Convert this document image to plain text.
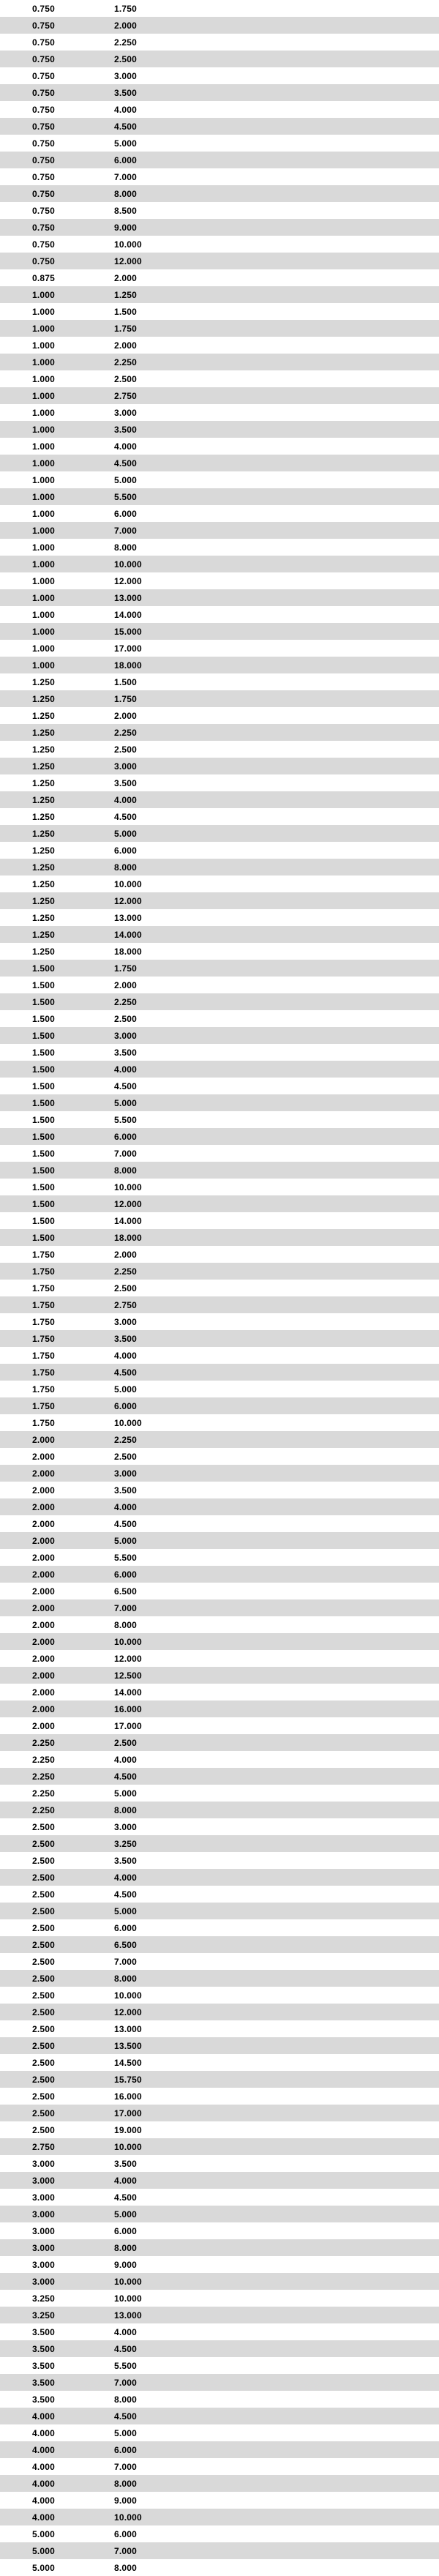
0.750	1.750
0.750	2.000
0.750	2.250
0.750	2.500
0.750	3.000
0.750	3.500
0.750	4.000
0.750	4.500
0.750	5.000
0.750	6.000
0.750	7.000
0.750	8.000
0.750	8.500
0.750	9.000
0.750	10.000
0.750	12.000
0.875	2.000
1.000	1.250
1.000	1.500
1.000	1.750
1.000	2.000
1.000	2.250
1.000	2.500
1.000	2.750
1.000	3.000
1.000	3.500
1.000	4.000
1.000	4.500
1.000	5.000
1.000	5.500
1.000	6.000
1.000	7.000
1.000	8.000
1.000	10.000
1.000	12.000
1.000	13.000
1.000	14.000
1.000	15.000
1.000	17.000
1.000	18.000
1.250	1.500
1.250	1.750
1.250	2.000
1.250	2.250
1.250	2.500
1.250	3.000
1.250	3.500
1.250	4.000
1.250	4.500
1.250	5.000
1.250	6.000
1.250	8.000
1.250	10.000
1.250	12.000
1.250	13.000
1.250	14.000
1.250	18.000
1.500	1.750
1.500	2.000
1.500	2.250
1.500	2.500
1.500	3.000
1.500	3.500
1.500	4.000
1.500	4.500
1.500	5.000
1.500	5.500
1.500	6.000
1.500	7.000
1.500	8.000
1.500	10.000
1.500	12.000
1.500	14.000
1.500	18.000
1.750	2.000
1.750	2.250
1.750	2.500
1.750	2.750
1.750	3.000
1.750	3.500
1.750	4.000
1.750	4.500
1.750	5.000
1.750	6.000
1.750	10.000
2.000	2.250
2.000	2.500
2.000	3.000
2.000	3.500
2.000	4.000
2.000	4.500
2.000	5.000
2.000	5.500
2.000	6.000
2.000	6.500
2.000	7.000
2.000	8.000
2.000	10.000
2.000	12.000
2.000	12.500
2.000	14.000
2.000	16.000
2.000	17.000
2.250	2.500
2.250	4.000
2.250	4.500
2.250	5.000
2.250	8.000
2.500	3.000
2.500	3.250
2.500	3.500
2.500	4.000
2.500	4.500
2.500	5.000
2.500	6.000
2.500	6.500
2.500	7.000
2.500	8.000
2.500	10.000
2.500	12.000
2.500	13.000
2.500	13.500
2.500	14.500
2.500	15.750
2.500	16.000
2.500	17.000
2.500	19.000
2.750	10.000
3.000	3.500
3.000	4.000
3.000	4.500
3.000	5.000
3.000	6.000
3.000	8.000
3.000	9.000
3.000	10.000
3.250	10.000
3.250	13.000
3.500	4.000
3.500	4.500
3.500	5.500
3.500	7.000
3.500	8.000
4.000	4.500
4.000	5.000
4.000	6.000
4.000	7.000
4.000	8.000
4.000	9.000
4.000	10.000
5.000	6.000
5.000	7.000
5.000	8.000
